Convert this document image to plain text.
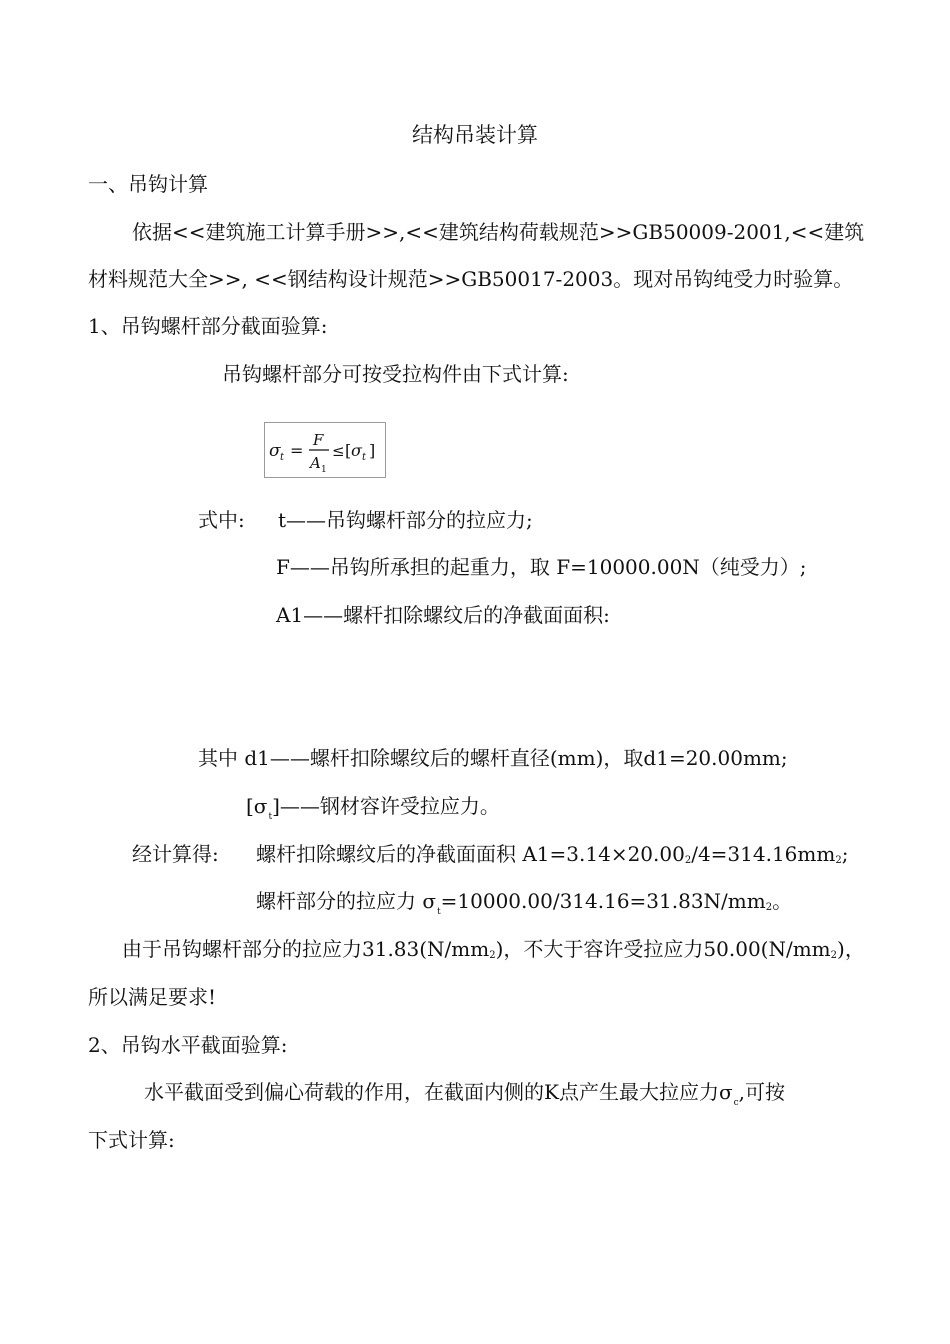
结构吊装计算
一、吊钩计算
依据<<建筑施工计算手册>>,<<建筑结构荷载规范>>GB50009-2001,<<建筑
材料规范大全>>, <<钢结构设计规范>>GB50017-2003。现对吊钩纯受力时验算。
1、吊钩螺杆部分截面验算:
吊钩螺杆部分可按受拉构件由下式计算:
σ t =
F
A 1
≤ [ σ t ]
式中: t——吊钩螺杆部分的拉应力;
F——吊钩所承担的起重力，取 F=10000.00N（纯受力）;
A1——螺杆扣除螺纹后的净截面面积:
其中 d1——螺杆扣除螺纹后的螺杆直径(mm)，取d1=20.00mm;
$[\sigma_t]——$钢材容许受拉应力。
经计算得: 螺杆扣除螺纹后的净截面面积 A1=3.14×20.002/4=314.16mm2;
螺杆部分的拉应力 $\sigma_t=10000.00/314.16=31.83N/mm2$。
由于吊钩螺杆部分的拉应力31.83(N/mm2)，不大于容许受拉应力50.00(N/mm2)，
所以满足要求!
2、吊钩水平截面验算:
水平截面受到偏心荷载的作用，在截面内侧的K点产生最大拉应力$\sigma_c$,可按
下式计算:
